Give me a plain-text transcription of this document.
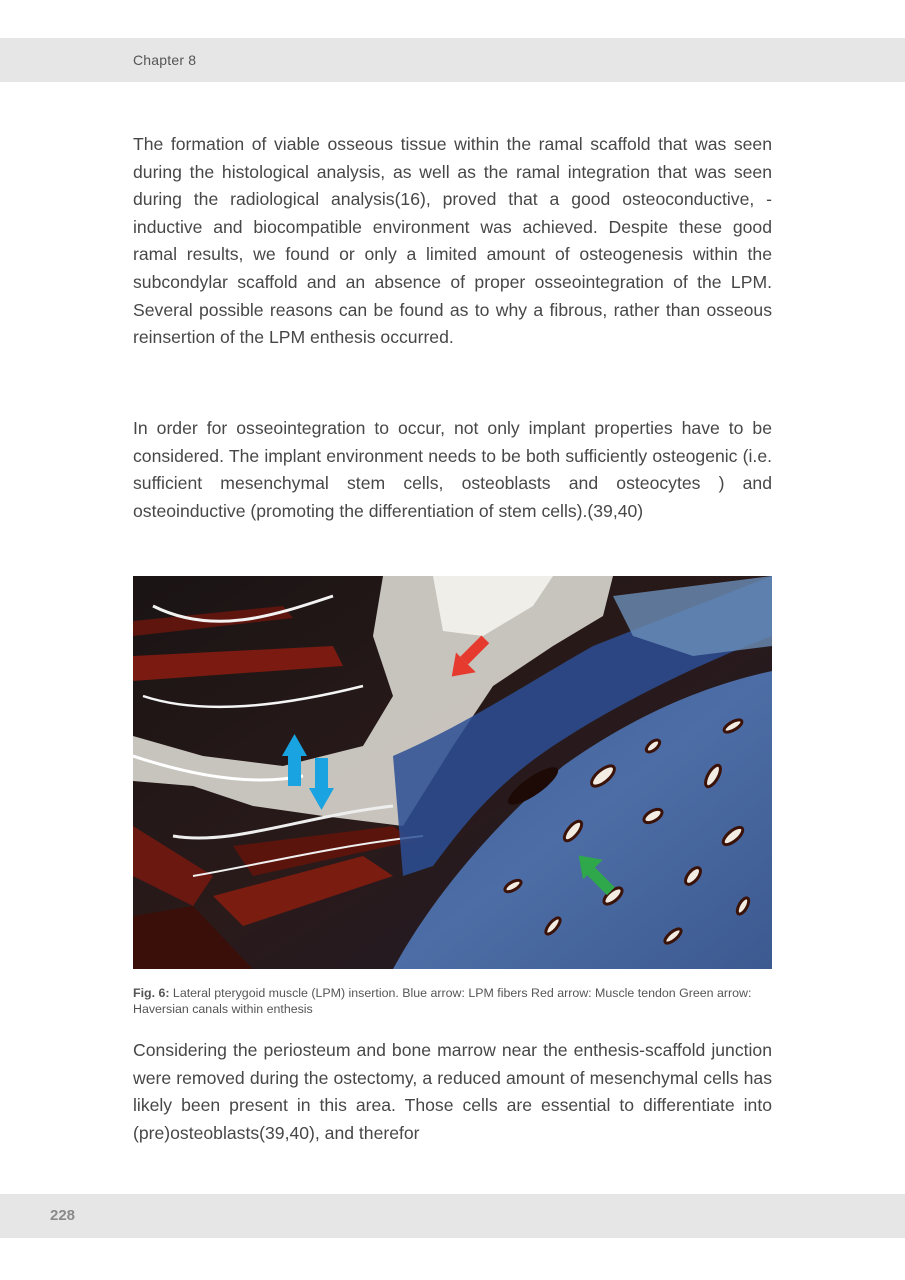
Chapter 8

The formation of viable osseous tissue within the ramal scaffold that was seen during the histological analysis, as well as the ramal integration that was seen during the radiological analysis(16), proved that a good osteoconductive, -inductive and biocompatible environment was achieved. Despite these good ramal results, we found or only a limited amount of osteogenesis within the subcondylar scaffold and an absence of proper osseointegration of the LPM. Several possible reasons can be found as to why a fibrous, rather than osseous reinsertion of the LPM enthesis occurred.

In order for osseointegration to occur, not only implant properties have to be considered. The implant environment needs to be both sufficiently osteogenic (i.e. sufficient mesenchymal stem cells, osteoblasts and osteocytes ) and osteoinductive (promoting the differentiation of stem cells).(39,40)

Fig. 6: Lateral pterygoid muscle (LPM) insertion. Blue arrow: LPM fibers Red arrow: Muscle tendon Green arrow: Haversian canals within enthesis

Considering the periosteum and bone marrow near the enthesis-scaffold junction were removed during the ostectomy, a reduced amount of mesenchymal cells has likely been present in this area. Those cells are essential to differentiate into (pre)osteoblasts(39,40), and therefor

228
